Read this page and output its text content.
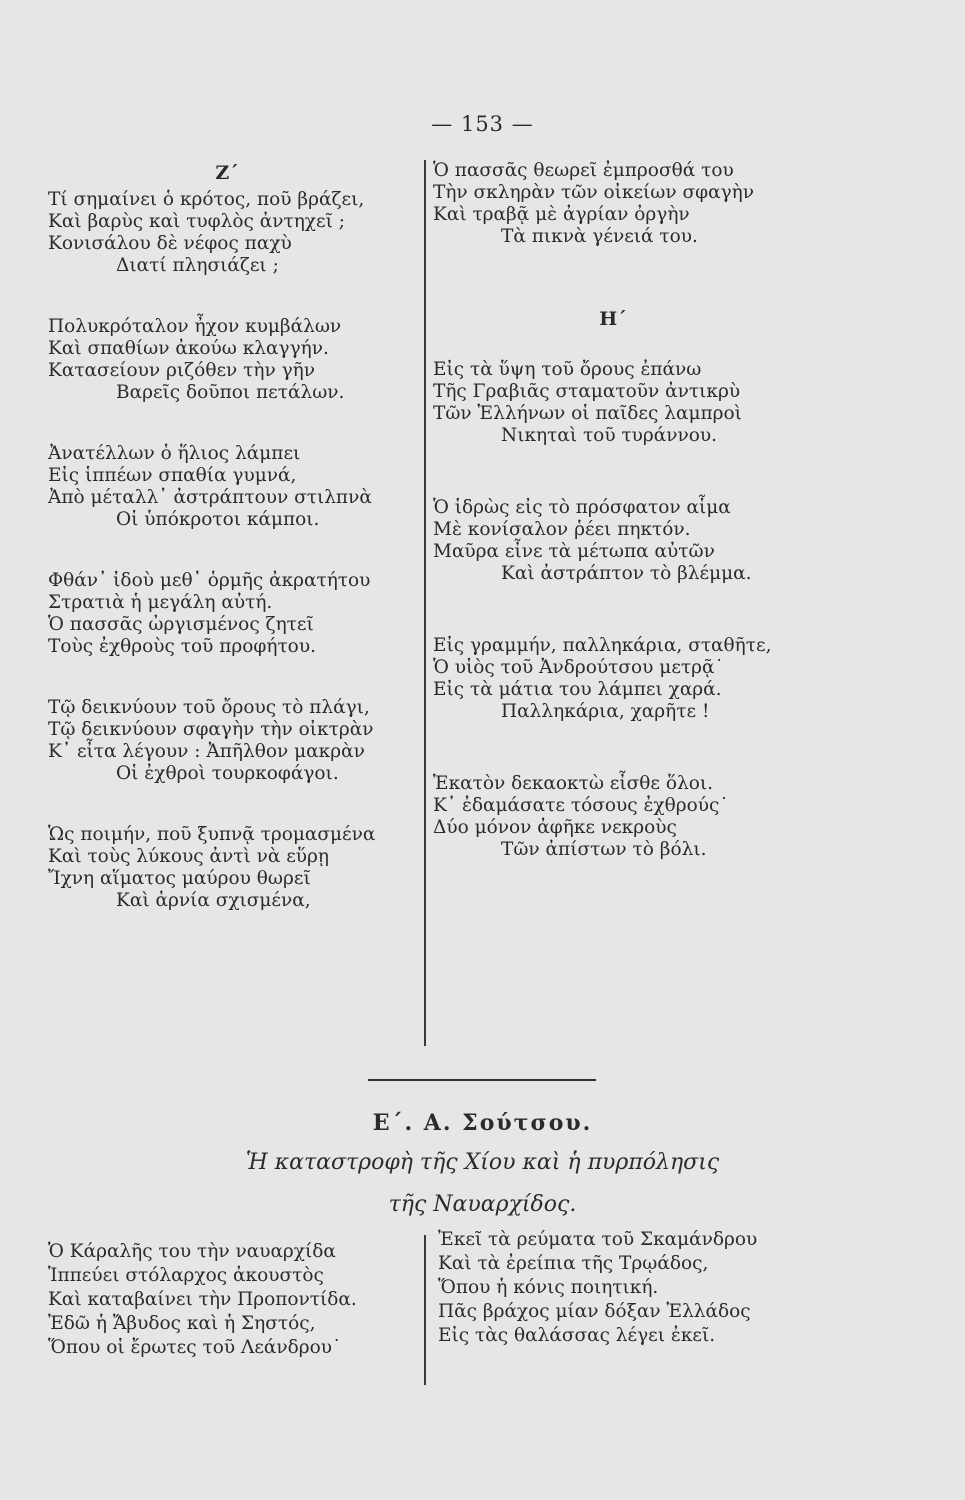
— 153 —
Ζ΄
Τί σημαίνει ὁ κρότος, ποῦ βράζει,
Καὶ βαρὺς καὶ τυφλὸς ἀντηχεῖ ;
Κονισάλου δὲ νέφος παχὺ
Διατί πλησιάζει ;
Πολυκρόταλον ἦχον κυμβάλων
Καὶ σπαθίων ἀκούω κλαγγήν.
Κατασείουν ριζόθεν τὴν γῆν
Βαρεῖς δοῦποι πετάλων.
Ἀνατέλλων ὁ ἥλιος λάμπει
Εἰς ἱππέων σπαθία γυμνά,
Ἀπὸ μέταλλ᾽ ἀστράπτουν στιλπνὰ
Οἱ ὑπόκροτοι κάμποι.
Φθάν᾽ ἰδοὺ μεθ᾽ ὁρμῆς ἀκρατήτου
Στρατιὰ ἡ μεγάλη αὐτή.
Ὁ πασσᾶς ὠργισμένος ζητεῖ
Τοὺς ἐχθροὺς τοῦ προφήτου.
Τῷ δεικνύουν τοῦ ὄρους τὸ πλάγι,
Τῷ δεικνύουν σφαγὴν τὴν οἰκτρὰν
Κ᾽ εἶτα λέγουν : Ἀπῆλθον μακρὰν
Οἱ ἐχθροὶ τουρκοφάγοι.
Ὡς ποιμήν, ποῦ ξυπνᾷ τρομασμένα
Καὶ τοὺς λύκους ἀντὶ νὰ εὕρῃ
Ἴχνη αἵματος μαύρου θωρεῖ
Καὶ ἀρνία σχισμένα,
Ὁ πασσᾶς θεωρεῖ ἐμπροσθά του
Τὴν σκληρὰν τῶν οἰκείων σφαγὴν
Καὶ τραβᾷ μὲ ἀγρίαν ὀργὴν
Τὰ πικνὰ γένειά του.
Η΄
Εἰς τὰ ὕψη τοῦ ὄρους ἐπάνω
Τῆς Γραβιᾶς σταματοῦν ἀντικρὺ
Τῶν Ἑλλήνων οἱ παῖδες λαμπροὶ
Νικηταὶ τοῦ τυράννου.
Ὁ ἱδρὼς εἰς τὸ πρόσφατον αἷμα
Μὲ κονίσαλον ῥέει πηκτόν.
Μαῦρα εἶνε τὰ μέτωπα αὐτῶν
Καὶ ἀστράπτον τὸ βλέμμα.
Εἰς γραμμήν, παλληκάρια, σταθῆτε,
Ὁ υἱὸς τοῦ Ἀνδρούτσου μετρᾷ˙
Εἰς τὰ μάτια του λάμπει χαρά.
Παλληκάρια, χαρῆτε !
Ἑκατὸν δεκαοκτὼ εἶσθε ὅλοι.
Κ᾽ ἐδαμάσατε τόσους ἐχθρούς˙
Δύο μόνον ἀφῆκε νεκροὺς
Τῶν ἀπίστων τὸ βόλι.
Ε΄. Α. Σούτσου.
Ἡ καταστροφὴ τῆς Χίου καὶ ἡ πυρπόλησις
τῆς Ναυαρχίδος.
Ὁ Κάραλῆς του τὴν ναυαρχίδα
Ἱππεύει στόλαρχος ἀκουστὸς
Καὶ καταβαίνει τὴν Προποντίδα.
Ἐδῶ ἡ Ἄβυδος καὶ ἡ Σηστός,
Ὅπου οἱ ἔρωτες τοῦ Λεάνδρου˙
Ἐκεῖ τὰ ρεύματα τοῦ Σκαμάνδρου
Καὶ τὰ ἐρείπια τῆς Τρῳάδος,
Ὅπου ἡ κόνις ποιητική.
Πᾶς βράχος μίαν δόξαν Ἑλλάδος
Εἰς τὰς θαλάσσας λέγει ἐκεῖ.
